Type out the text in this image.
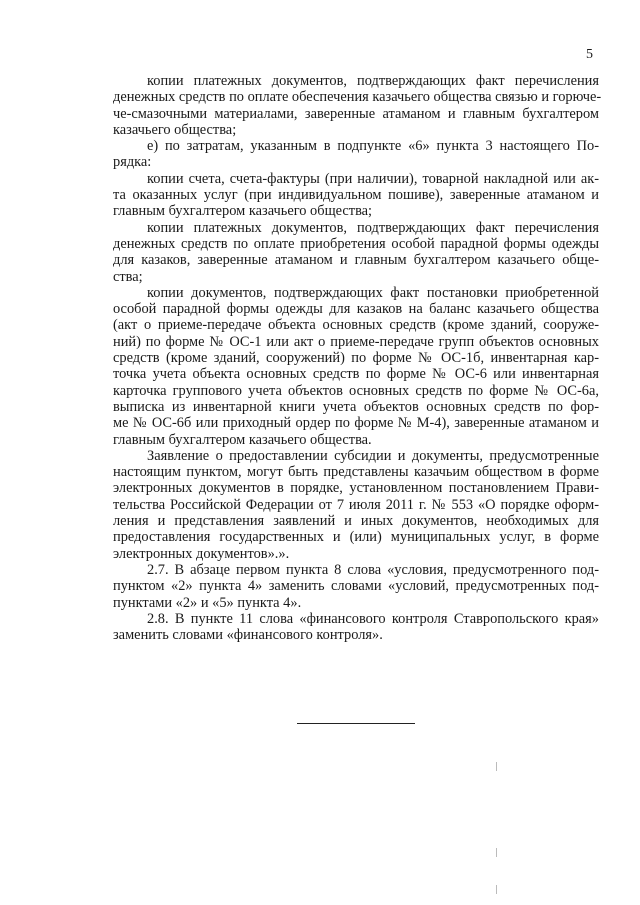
5
копии платежных документов, подтверждающих факт перечисления
денежных средств по оплате обеспечения казачьего общества связью и горюче-
че-смазочными материалами, заверенные атаманом и главным бухгалтером
казачьего общества;
е) по затратам, указанным в подпункте «6» пункта 3 настоящего По-
рядка:
копии счета, счета-фактуры (при наличии), товарной накладной или ак-
та оказанных услуг (при индивидуальном пошиве), заверенные атаманом и
главным бухгалтером казачьего общества;
копии платежных документов, подтверждающих факт перечисления
денежных средств по оплате приобретения особой парадной формы одежды
для казаков, заверенные атаманом и главным бухгалтером казачьего обще-
ства;
копии документов, подтверждающих факт постановки приобретенной
особой парадной формы одежды для казаков на баланс казачьего общества
(акт о приеме-передаче объекта основных средств (кроме зданий, сооруже-
ний) по форме № ОС-1 или акт о приеме-передаче групп объектов основных
средств (кроме зданий, сооружений) по форме № ОС-1б, инвентарная кар-
точка учета объекта основных средств по форме № ОС-6 или инвентарная
карточка группового учета объектов основных средств по форме № ОС-6а,
выписка из инвентарной книги учета объектов основных средств по фор-
ме № ОС-6б или приходный ордер по форме № М-4), заверенные атаманом и
главным бухгалтером казачьего общества.
Заявление о предоставлении субсидии и документы, предусмотренные
настоящим пунктом, могут быть представлены казачьим обществом в форме
электронных документов в порядке, установленном постановлением Прави-
тельства Российской Федерации от 7 июля 2011 г. № 553 «О порядке оформ-
ления и представления заявлений и иных документов, необходимых для
предоставления государственных и (или) муниципальных услуг, в форме
электронных документов».».
2.7. В абзаце первом пункта 8 слова «условия, предусмотренного под-
пунктом «2» пункта 4» заменить словами «условий, предусмотренных под-
пунктами «2» и «5» пункта 4».
2.8. В пункте 11 слова «финансового контроля Ставропольского края»
заменить словами «финансового контроля».
